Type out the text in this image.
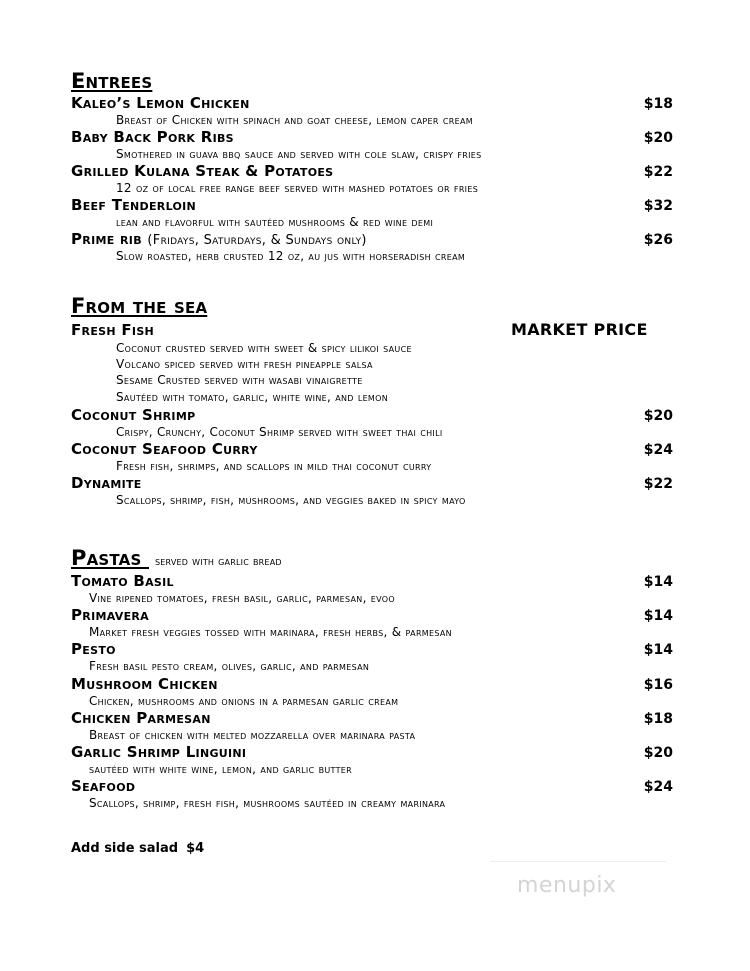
Entrees
Kaleo’s Lemon Chicken	$18
Breast of Chicken with spinach and goat cheese, lemon caper cream
Baby Back Pork Ribs	$20
Smothered in guava bbq sauce and served with cole slaw, crispy fries
Grilled Kulana Steak & Potatoes	$22
12 oz of local free range beef served with mashed potatoes or fries
Beef Tenderloin	$32
lean and flavorful with sautéed mushrooms & red wine demi
Prime rib (Fridays, Saturdays, & Sundays only)	$26
Slow roasted, herb crusted 12 oz, au jus with horseradish cream
From the sea
Fresh Fish	MARKET PRICE
Coconut crusted served with sweet & spicy lilikoi sauce
Volcano spiced served with fresh pineapple salsa
Sesame Crusted served with wasabi vinaigrette
Sautéed with tomato, garlic, white wine, and lemon
Coconut Shrimp	$20
Crispy, Crunchy, Coconut Shrimp served with sweet thai chili
Coconut Seafood Curry	$24
Fresh fish, shrimps, and scallops in mild thai coconut curry
Dynamite	$22
Scallops, shrimp, fish, mushrooms, and veggies baked in spicy mayo
Pastas served with garlic bread
Tomato Basil	$14
Vine ripened tomatoes, fresh basil, garlic, parmesan, evoo
Primavera	$14
Market fresh veggies tossed with marinara, fresh herbs, & parmesan
Pesto	$14
Fresh basil pesto cream, olives, garlic, and parmesan
Mushroom Chicken	$16
Chicken, mushrooms and onions in a parmesan garlic cream
Chicken Parmesan	$18
Breast of chicken with melted mozzarella over marinara pasta
Garlic Shrimp Linguini	$20
sautéed with white wine, lemon, and garlic butter
Seafood	$24
Scallops, shrimp, fresh fish, mushrooms sautéed in creamy marinara
Add side salad $4
menupix
